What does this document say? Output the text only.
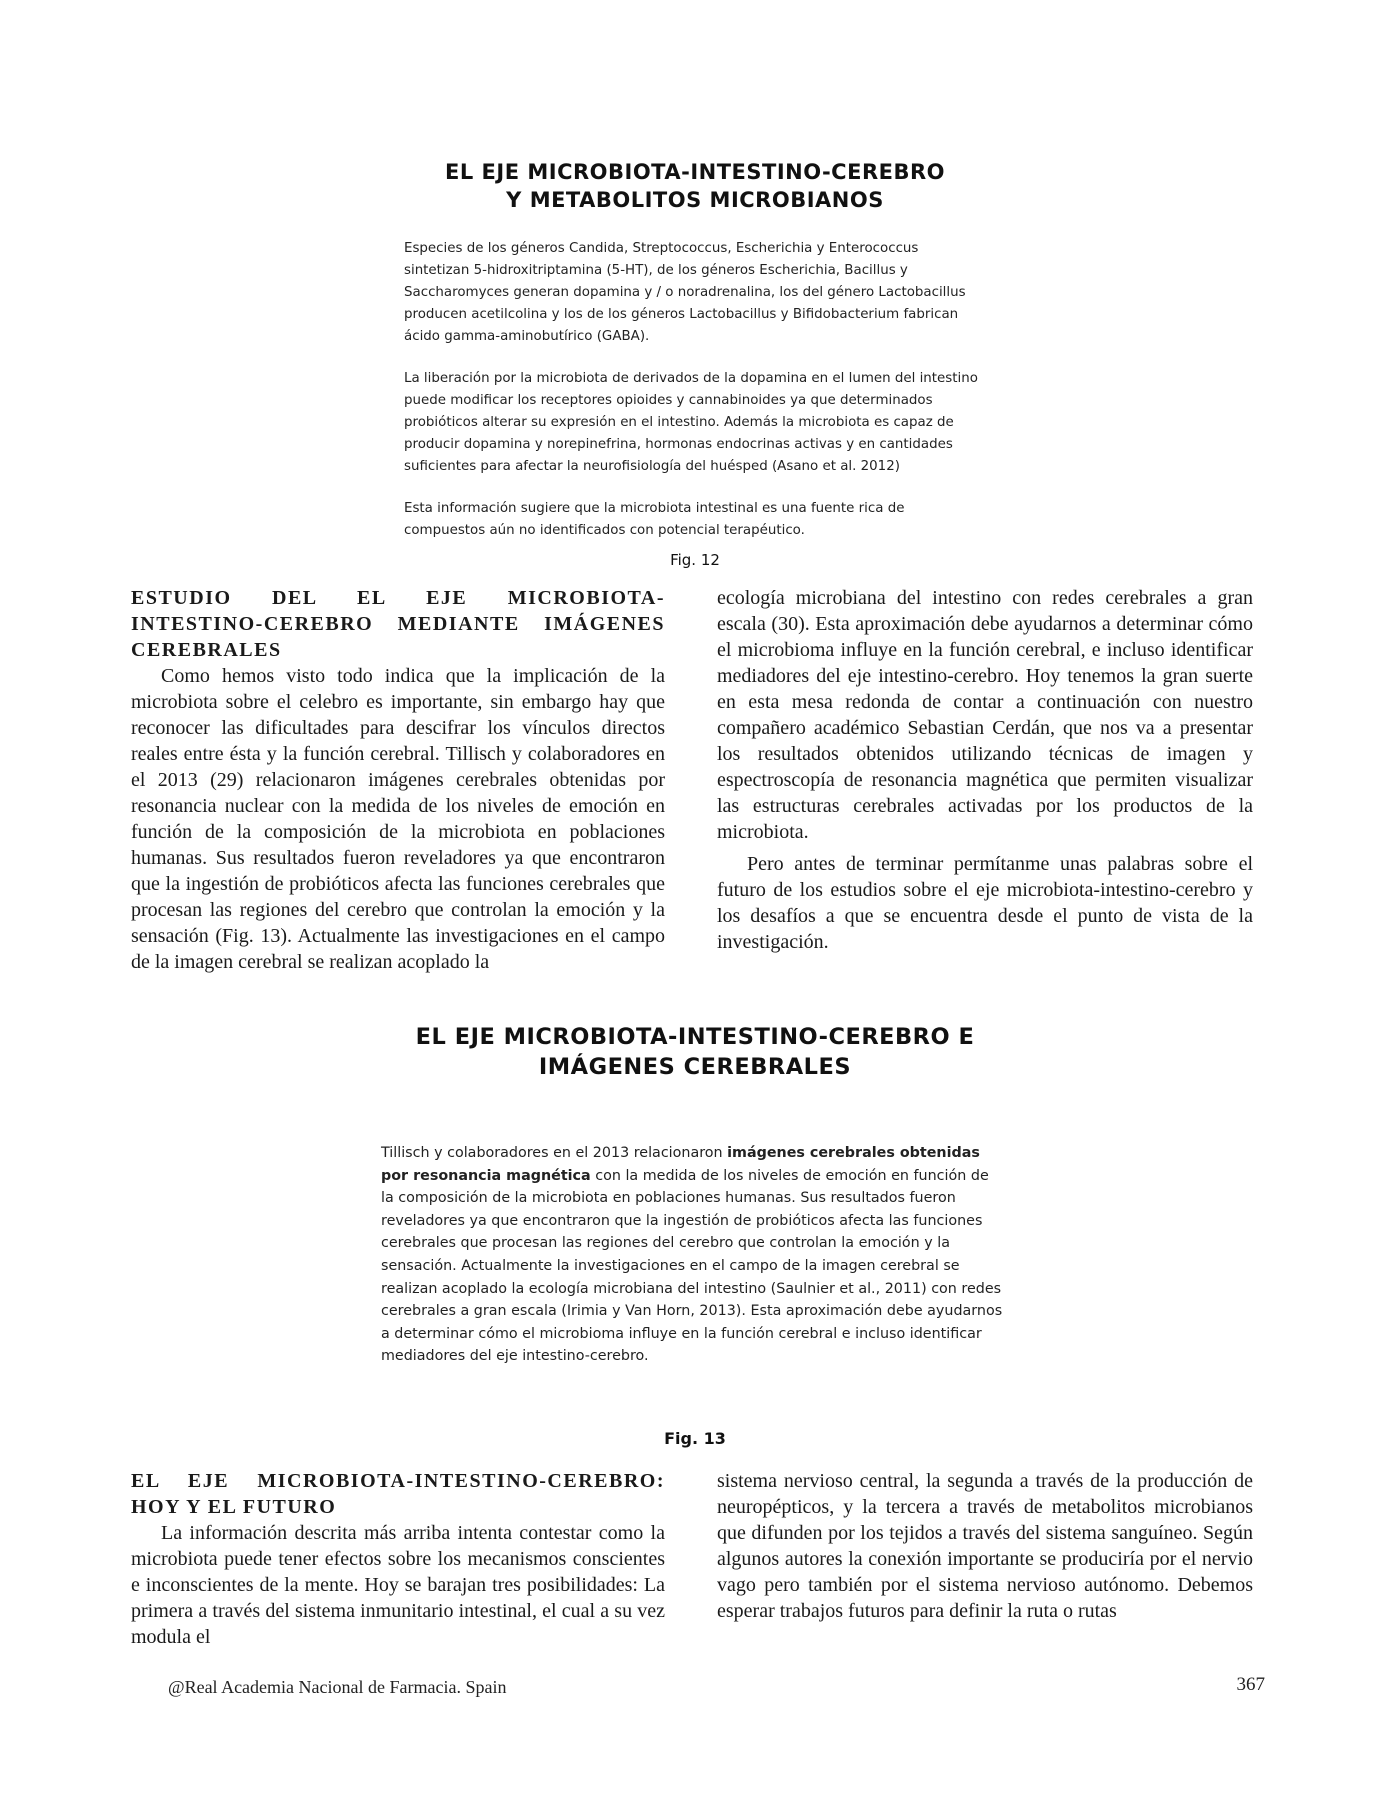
EL EJE MICROBIOTA-INTESTINO-CEREBRO
Y METABOLITOS MICROBIANOS

Especies de los géneros Candida, Streptococcus, Escherichia y Enterococcus sintetizan 5-hidroxitriptamina (5-HT), de los géneros Escherichia, Bacillus y Saccharomyces generan dopamina y / o noradrenalina, los del género Lactobacillus producen acetilcolina y los de los géneros Lactobacillus y Bifidobacterium fabrican ácido gamma-aminobutírico (GABA).

La liberación por la microbiota de derivados de la dopamina en el lumen del intestino puede modificar los receptores opioides y cannabinoides ya que determinados probióticos alterar su expresión en el intestino. Además la microbiota es capaz de producir dopamina y norepinefrina, hormonas endocrinas activas y en cantidades suficientes para afectar la neurofisiología del huésped (Asano et al. 2012)

Esta información sugiere que la microbiota intestinal es una fuente rica de compuestos aún no identificados con potencial terapéutico.

Fig. 12
ESTUDIO DEL EL EJE MICROBIOTA-
INTESTINO-CEREBRO MEDIANTE IMÁGENES
CEREBRALES

Como hemos visto todo indica que la implicación de la microbiota sobre el celebro es importante, sin embargo hay que reconocer las dificultades para descifrar los vínculos directos reales entre ésta y la función cerebral. Tillisch y colaboradores en el 2013 (29) relacionaron imágenes cerebrales obtenidas por resonancia nuclear con la medida de los niveles de emoción en función de la composición de la microbiota en poblaciones humanas. Sus resultados fueron reveladores ya que encontraron que la ingestión de probióticos afecta las funciones cerebrales que procesan las regiones del cerebro que controlan la emoción y la sensación (Fig. 13). Actualmente las investigaciones en el campo de la imagen cerebral se realizan acoplado la

ecología microbiana del intestino con redes cerebrales a gran escala (30). Esta aproximación debe ayudarnos a determinar cómo el microbioma influye en la función cerebral, e incluso identificar mediadores del eje intestino-cerebro. Hoy tenemos la gran suerte en esta mesa redonda de contar a continuación con nuestro compañero académico Sebastian Cerdán, que nos va a presentar los resultados obtenidos utilizando técnicas de imagen y espectroscopía de resonancia magnética que permiten visualizar las estructuras cerebrales activadas por los productos de la microbiota.

Pero antes de terminar permítanme unas palabras sobre el futuro de los estudios sobre el eje microbiota-intestino-cerebro y los desafíos a que se encuentra desde el punto de vista de la investigación.

EL EJE MICROBIOTA-INTESTINO-CEREBRO E
IMÁGENES CEREBRALES

Tillisch y colaboradores en el 2013 relacionaron imágenes cerebrales obtenidas por resonancia magnética con la medida de los niveles de emoción en función de la composición de la microbiota en poblaciones humanas. Sus resultados fueron reveladores ya que encontraron que la ingestión de probióticos afecta las funciones cerebrales que procesan las regiones del cerebro que controlan la emoción y la sensación. Actualmente la investigaciones en el campo de la imagen cerebral se realizan acoplado la ecología microbiana del intestino (Saulnier et al., 2011) con redes cerebrales a gran escala (Irimia y Van Horn, 2013). Esta aproximación debe ayudarnos a determinar cómo el microbioma influye en la función cerebral e incluso identificar mediadores del eje intestino-cerebro.

Fig. 13
EL EJE MICROBIOTA-INTESTINO-CEREBRO:
HOY Y EL FUTURO

La información descrita más arriba intenta contestar como la microbiota puede tener efectos sobre los mecanismos conscientes e inconscientes de la mente. Hoy se barajan tres posibilidades: La primera a través del sistema inmunitario intestinal, el cual a su vez modula el

sistema nervioso central, la segunda a través de la producción de neuropépticos, y la tercera a través de metabolitos microbianos que difunden por los tejidos a través del sistema sanguíneo. Según algunos autores la conexión importante se produciría por el nervio vago pero también por el sistema nervioso autónomo. Debemos esperar trabajos futuros para definir la ruta o rutas

@Real Academia Nacional de Farmacia. Spain	367
